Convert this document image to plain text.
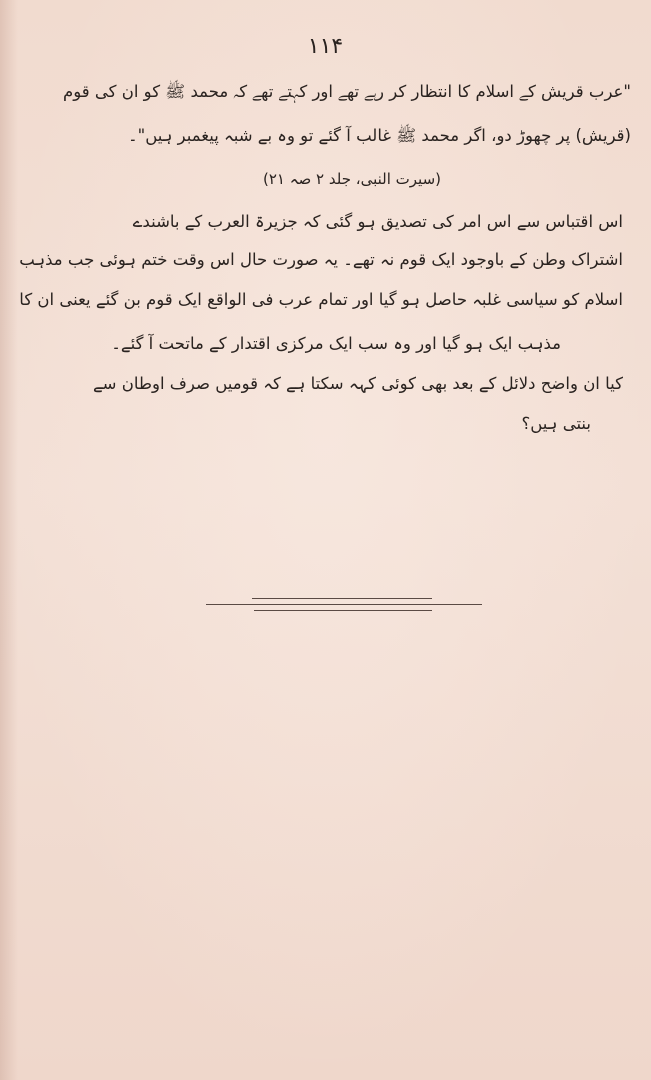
۱۱۴
"عرب قریش کے اسلام کا انتظار کر رہے تھے اور کہتے تھے کہ محمد ﷺ کو ان کی قوم
(قریش) پر چھوڑ دو، اگر محمد ﷺ غالب آ گئے تو وہ بے شبہ پیغمبر ہیں"۔
(سیرت النبی، جلد ۲ صہ ۲۱)
اس اقتباس سے اس امر کی تصدیق ہو گئی کہ جزیرۃ العرب کے باشندے
اشتراک وطن کے باوجود ایک قوم نہ تھے۔ یہ صورت حال اس وقت ختم ہوئی جب مذہب
اسلام کو سیاسی غلبہ حاصل ہو گیا اور تمام عرب فی الواقع ایک قوم بن گئے یعنی ان کا
مذہب ایک ہو گیا اور وہ سب ایک مرکزی اقتدار کے ماتحت آ گئے۔
کیا ان واضح دلائل کے بعد بھی کوئی کہہ سکتا ہے کہ قومیں صرف اوطان سے
بنتی ہیں؟
